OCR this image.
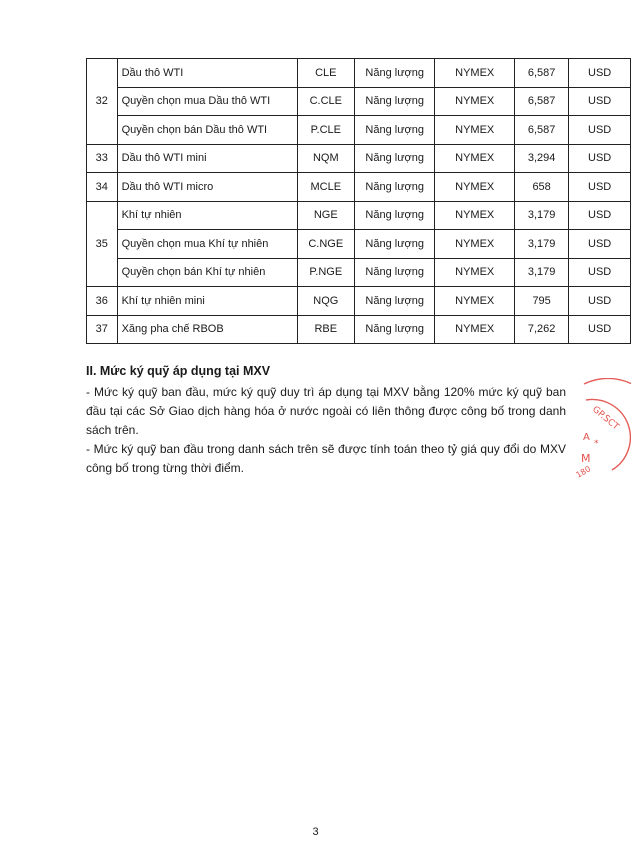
32	Dầu thô WTI	CLE	Năng lượng	NYMEX	6,587	USD
	Quyền chọn mua Dầu thô WTI	C.CLE	Năng lượng	NYMEX	6,587	USD
	Quyền chọn bán Dầu thô WTI	P.CLE	Năng lượng	NYMEX	6,587	USD
33	Dầu thô WTI mini	NQM	Năng lượng	NYMEX	3,294	USD
34	Dầu thô WTI micro	MCLE	Năng lượng	NYMEX	658	USD
35	Khí tự nhiên	NGE	Năng lượng	NYMEX	3,179	USD
	Quyền chọn mua Khí tự nhiên	C.NGE	Năng lượng	NYMEX	3,179	USD
	Quyền chọn bán Khí tự nhiên	P.NGE	Năng lượng	NYMEX	3,179	USD
36	Khí tự nhiên mini	NQG	Năng lượng	NYMEX	795	USD
37	Xăng pha chế RBOB	RBE	Năng lượng	NYMEX	7,262	USD
II. Mức ký quỹ áp dụng tại MXV

- Mức ký quỹ ban đầu, mức ký quỹ duy trì áp dụng tại MXV bằng 120% mức ký quỹ ban đầu tại các Sở Giao dịch hàng hóa ở nước ngoài có liên thông được công bố trong danh sách trên.

- Mức ký quỹ ban đầu trong danh sách trên sẽ được tính toán theo tỷ giá quy đổi do MXV công bố trong từng thời điểm.

GP.SCT
A
M
*
180
3
